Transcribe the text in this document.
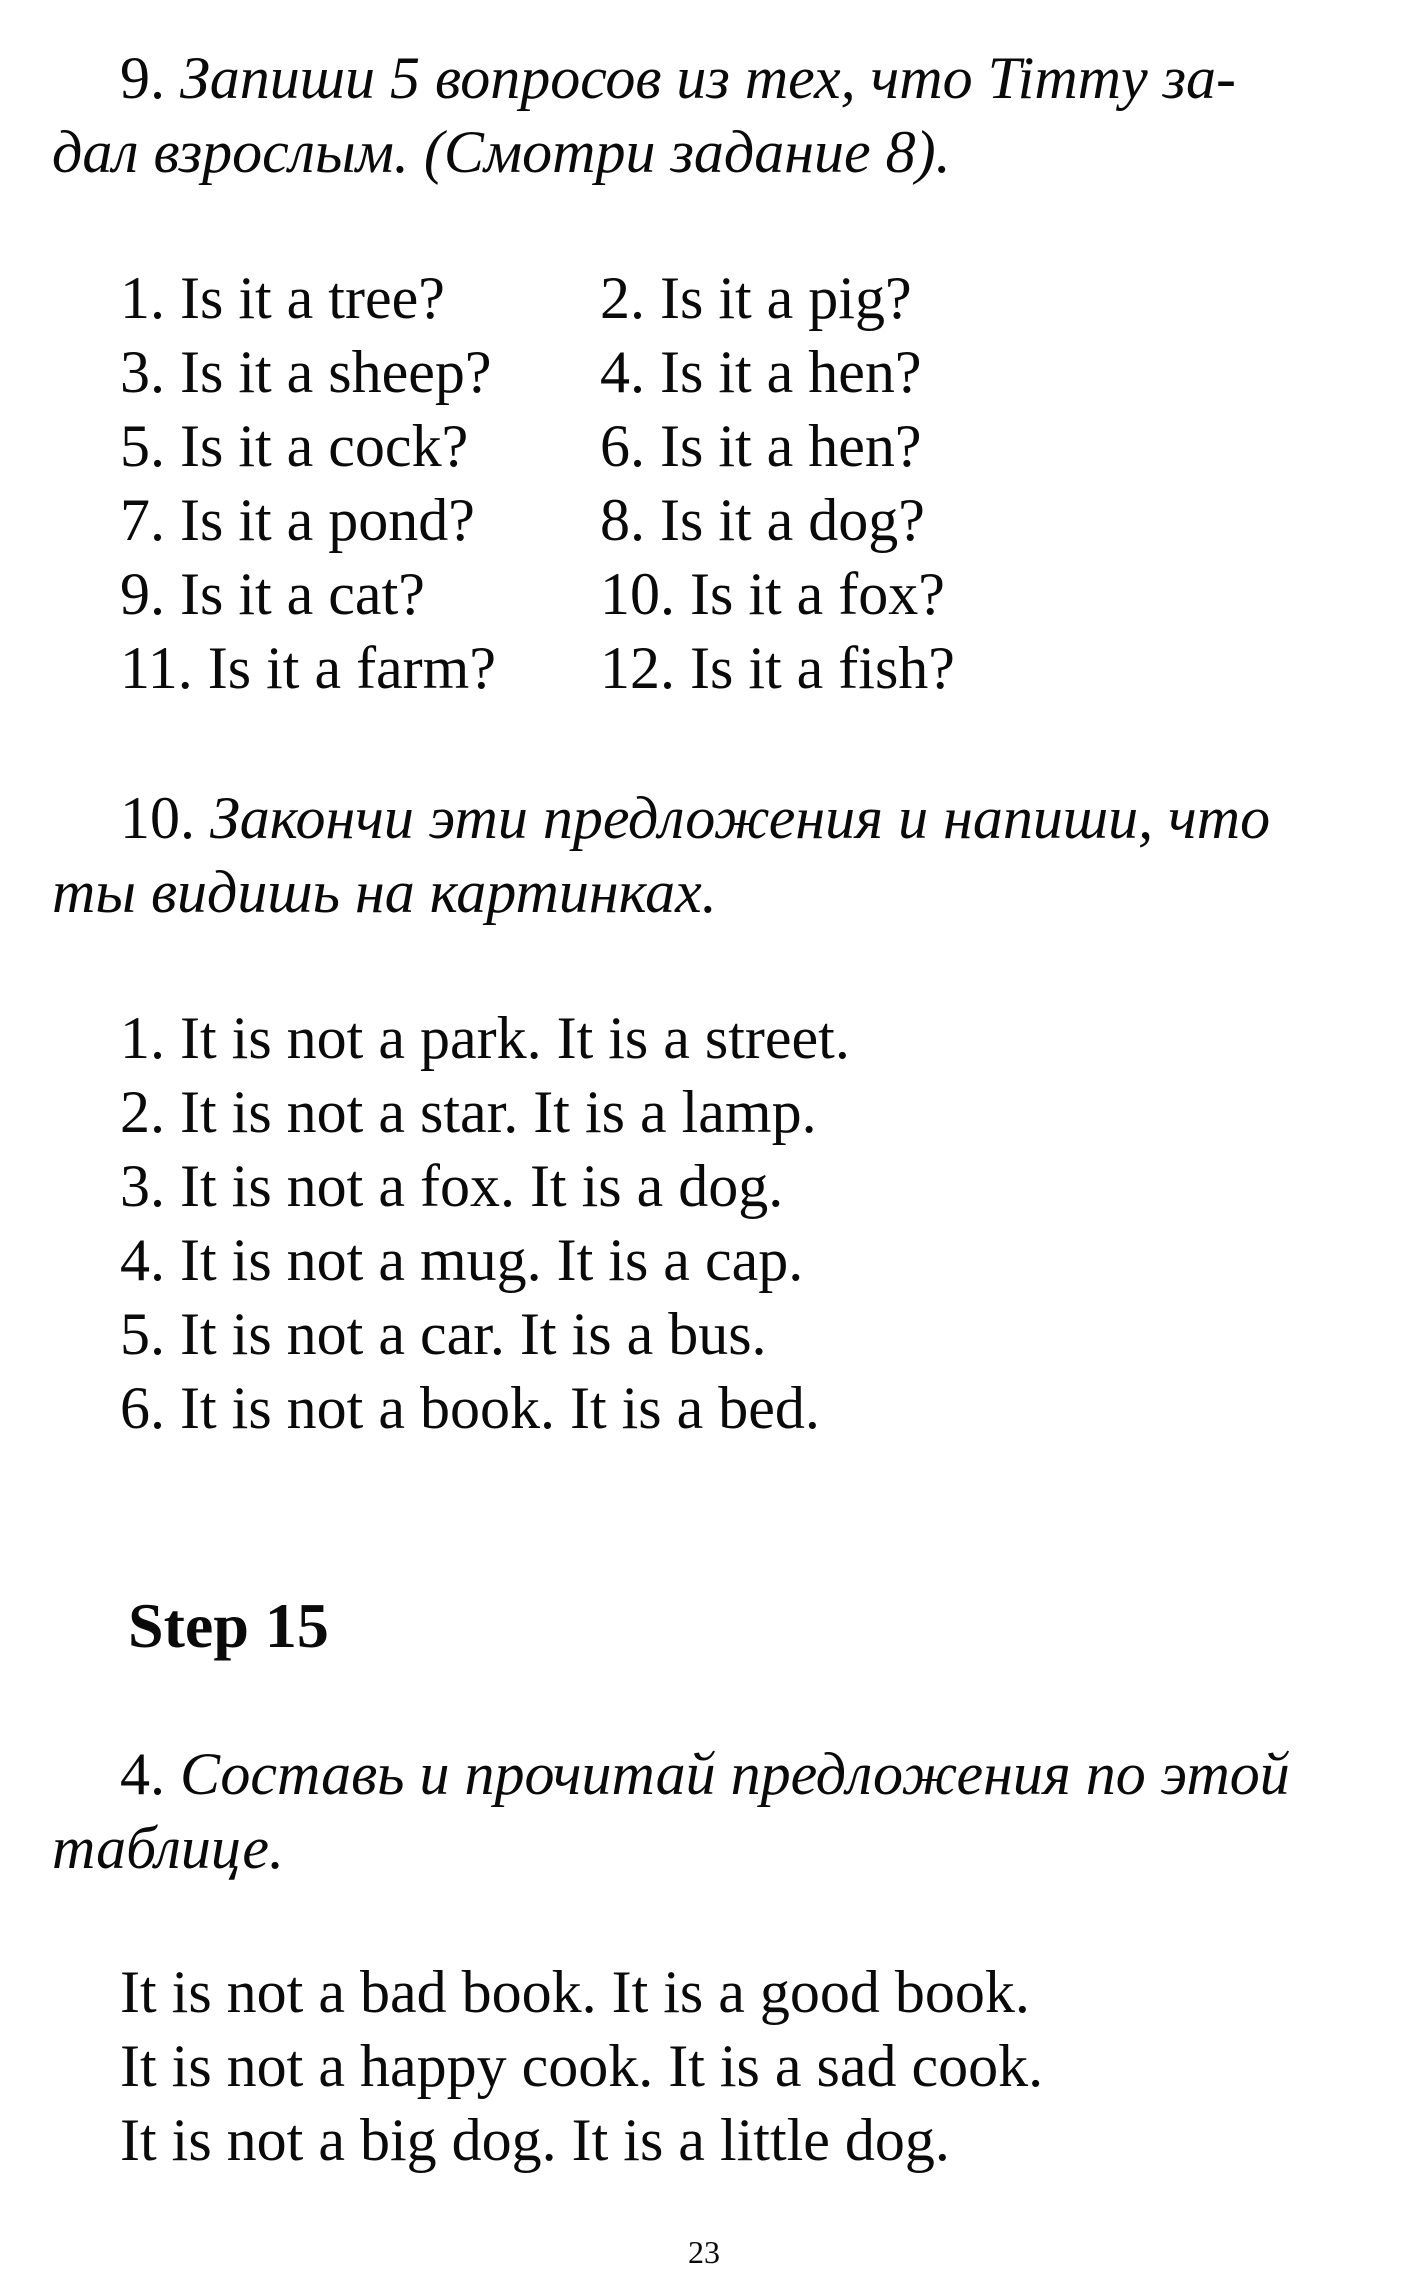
9. Запиши 5 вопросов из тех, что Timmy за-
дал взрослым. (Смотри задание 8).
1. Is it a tree?	2. Is it a pig?
3. Is it a sheep? 4. Is it a hen?
5. Is it a cock? 6. Is it a hen?
7. Is it a pond? 8. Is it a dog?
9. Is it a cat?	10. Is it a fox?
11. Is it a farm? 12. Is it a fish?
10. Закончи эти предложения и напиши, что
ты видишь на картинках.
1. It is not a park. It is a street.
2. It is not a star. It is a lamp.
3. It is not a fox. It is a dog.
4. It is not a mug. It is a cap.
5. It is not a car. It is a bus.
6. It is not a book. It is a bed.
Step 15
4. Составь и прочитай предложения по этой
таблице.
It is not a bad book. It is a good book.
It is not a happy cook. It is a sad cook.
It is not a big dog. It is a little dog.
23
